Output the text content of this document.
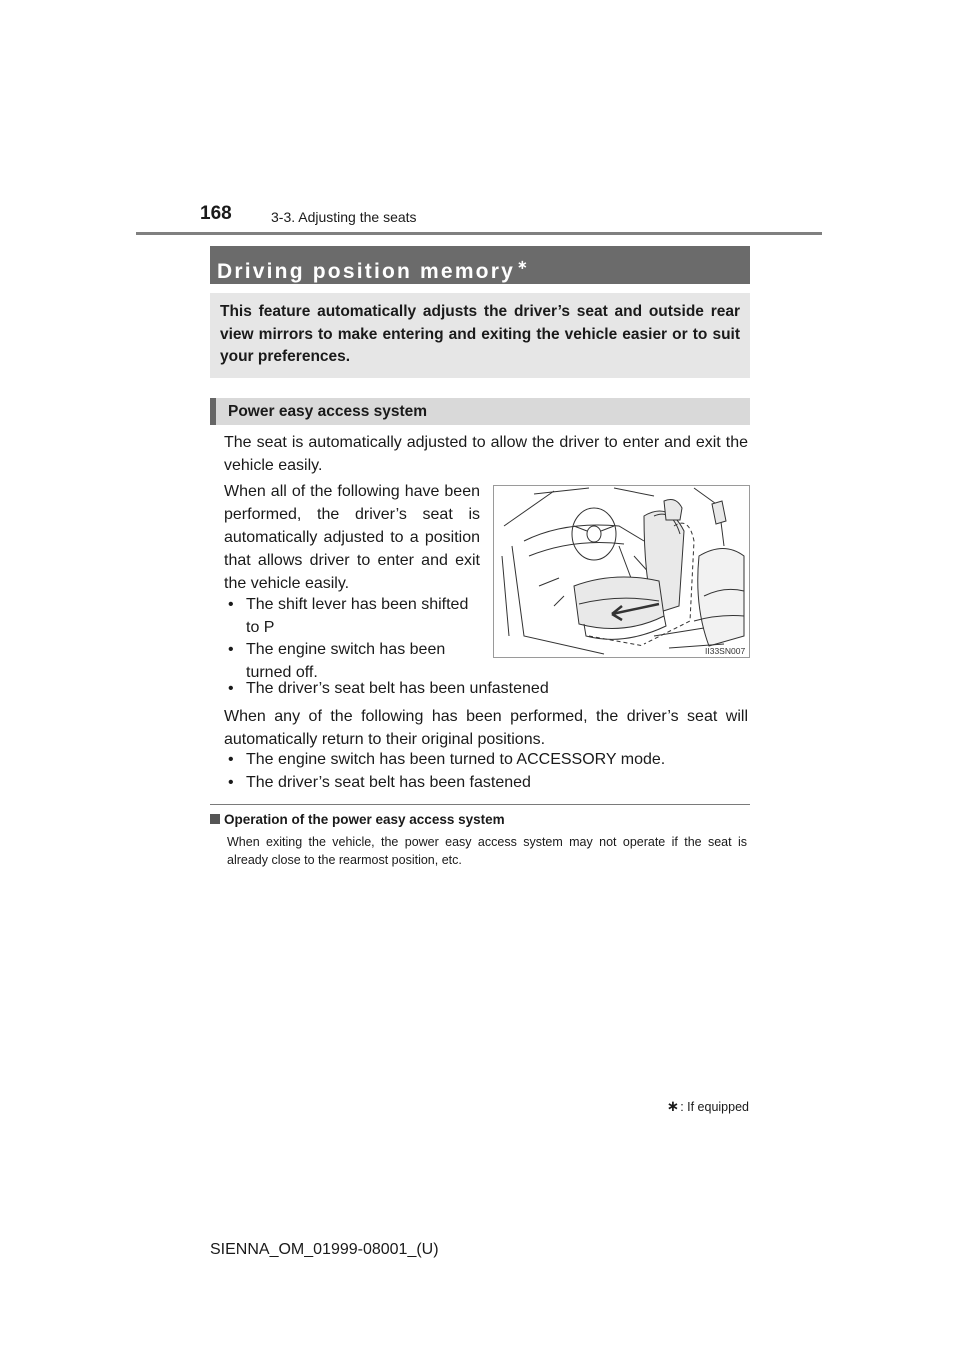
168	3-3. Adjusting the seats
Driving position memory ∗
This feature automatically adjusts the driver’s seat and outside rear view mirrors to make entering and exiting the vehicle easier or to suit your preferences.
Power easy access system
The seat is automatically adjusted to allow the driver to enter and exit the vehicle easily.
When all of the following have been performed, the driver’s seat is automatically adjusted to a position that allows driver to enter and exit the vehicle easily.
• The shift lever has been shifted to P
• The engine switch has been turned off.
• The driver’s seat belt has been unfastened
When any of the following has been performed, the driver’s seat will automatically return to their original positions.
• The engine switch has been turned to ACCESSORY mode.
• The driver’s seat belt has been fastened
II33SN007
Operation of the power easy access system
When exiting the vehicle, the power easy access system may not operate if the seat is already close to the rearmost position, etc.
∗: If equipped
SIENNA_OM_01999-08001_(U)
